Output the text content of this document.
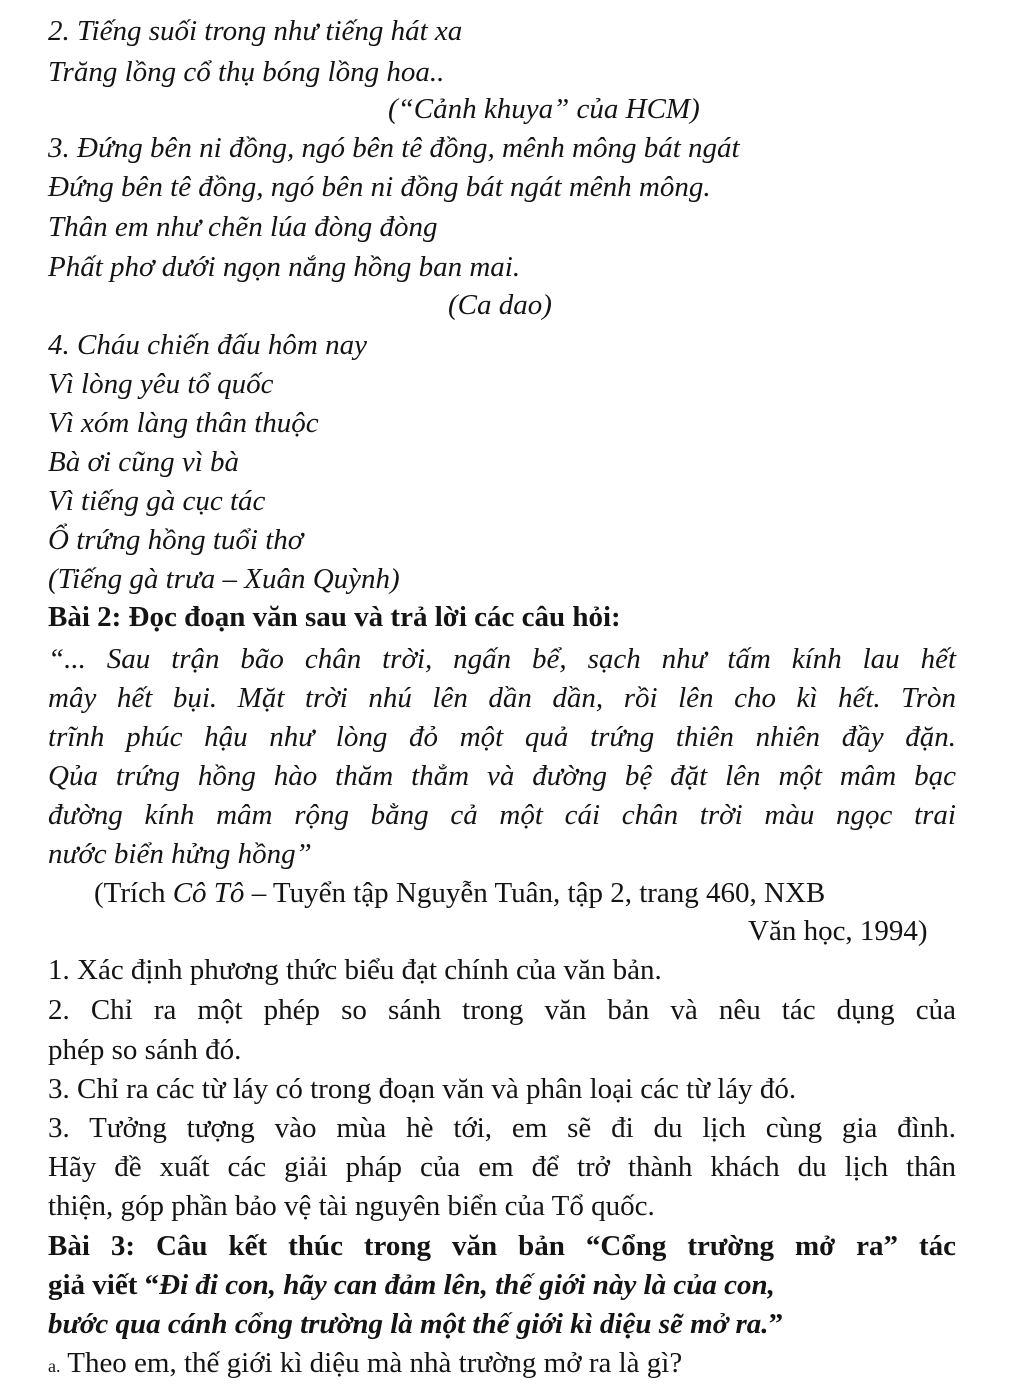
2. Tiếng suối trong như tiếng hát xa
Trăng lồng cổ thụ bóng lồng hoa..
(“Cảnh khuya” của HCM)
3. Đứng bên ni đồng, ngó bên tê đồng, mênh mông bát ngát
Đứng bên tê đồng, ngó bên ni đồng bát ngát mênh mông.
Thân em như chẽn lúa đòng đòng
Phất phơ dưới ngọn nắng hồng ban mai.
(Ca dao)
4. Cháu chiến đấu hôm nay
Vì lòng yêu tổ quốc
Vì xóm làng thân thuộc
Bà ơi cũng vì bà
Vì tiếng gà cục tác
Ổ trứng hồng tuổi thơ
(Tiếng gà trưa – Xuân Quỳnh)
Bài 2: Đọc đoạn văn sau và trả lời các câu hỏi:
“... Sau trận bão chân trời, ngấn bể, sạch như tấm kính lau hết
mây hết bụi. Mặt trời nhú lên dần dần, rồi lên cho kì hết. Tròn
trĩnh phúc hậu như lòng đỏ một quả trứng thiên nhiên đầy đặn.
Qủa trứng hồng hào thăm thẳm và đường bệ đặt lên một mâm bạc
đường kính mâm rộng bằng cả một cái chân trời màu ngọc trai
nước biển hửng hồng”
(Trích Cô Tô – Tuyển tập Nguyễn Tuân, tập 2, trang 460, NXB
Văn học, 1994)
1. Xác định phương thức biểu đạt chính của văn bản.
2. Chỉ ra một phép so sánh trong văn bản và nêu tác dụng của
phép so sánh đó.
3. Chỉ ra các từ láy có trong đoạn văn và phân loại các từ láy đó.
3. Tưởng tượng vào mùa hè tới, em sẽ đi du lịch cùng gia đình.
Hãy đề xuất các giải pháp của em để trở thành khách du lịch thân
thiện, góp phần bảo vệ tài nguyên biển của Tổ quốc.
Bài 3: Câu kết thúc trong văn bản “Cổng trường mở ra” tác
giả viết “Đi đi con, hãy can đảm lên, thế giới này là của con,
bước qua cánh cổng trường là một thế giới kì diệu sẽ mở ra.”
a. Theo em, thế giới kì diệu mà nhà trường mở ra là gì?
